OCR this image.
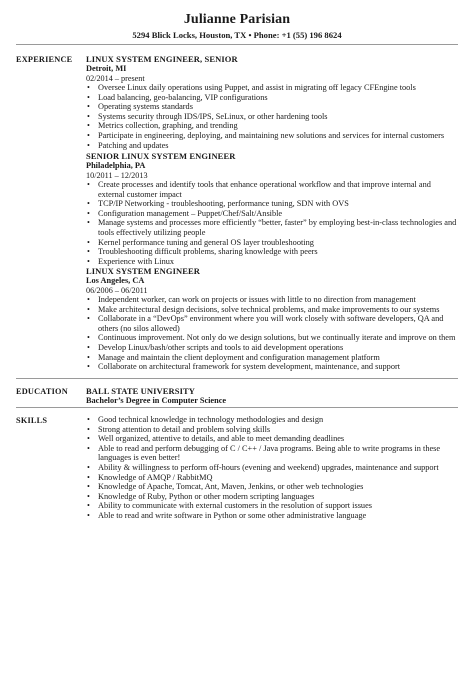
Julianne Parisian
5294 Blick Locks, Houston, TX • Phone: +1 (55) 196 8624
EXPERIENCE LINUX SYSTEM ENGINEER, SENIOR
Detroit, MI
02/2014 – present
• Oversee Linux daily operations using Puppet, and assist in migrating off legacy CFEngine tools
• Load balancing, geo-balancing, VIP configurations
• Operating systems standards
• Systems security through IDS/IPS, SeLinux, or other hardening tools
• Metrics collection, graphing, and trending
• Participate in engineering, deploying, and maintaining new solutions and services for internal customers
• Patching and updates
SENIOR LINUX SYSTEM ENGINEER
Philadelphia, PA
10/2011 – 12/2013
• Create processes and identify tools that enhance operational workflow and that improve internal and external customer impact
• TCP/IP Networking - troubleshooting, performance tuning, SDN with OVS
• Configuration management – Puppet/Chef/Salt/Ansible
• Manage systems and processes more efficiently “better, faster” by employing best-in-class technologies and tools effectively utilizing people
• Kernel performance tuning and general OS layer troubleshooting
• Troubleshooting difficult problems, sharing knowledge with peers
• Experience with Linux
LINUX SYSTEM ENGINEER
Los Angeles, CA
06/2006 – 06/2011
• Independent worker, can work on projects or issues with little to no direction from management
• Make architectural design decisions, solve technical problems, and make improvements to our systems
• Collaborate in a “DevOps” environment where you will work closely with software developers, QA and others (no silos allowed)
• Continuous improvement. Not only do we design solutions, but we continually iterate and improve on them
• Develop Linux/bash/other scripts and tools to aid development operations
• Manage and maintain the client deployment and configuration management platform
• Collaborate on architectural framework for system development, maintenance, and support
EDUCATION BALL STATE UNIVERSITY
Bachelor’s Degree in Computer Science
SKILLS	• Good technical knowledge in technology methodologies and design
• Strong attention to detail and problem solving skills
• Well organized, attentive to details, and able to meet demanding deadlines
• Able to read and perform debugging of C / C++ / Java programs. Being able to write programs in these languages is even better!
• Ability & willingness to perform off-hours (evening and weekend) upgrades, maintenance and support
• Knowledge of AMQP / RabbitMQ
• Knowledge of Apache, Tomcat, Ant, Maven, Jenkins, or other web technologies
• Knowledge of Ruby, Python or other modern scripting languages
• Ability to communicate with external customers in the resolution of support issues
• Able to read and write software in Python or some other administrative language
